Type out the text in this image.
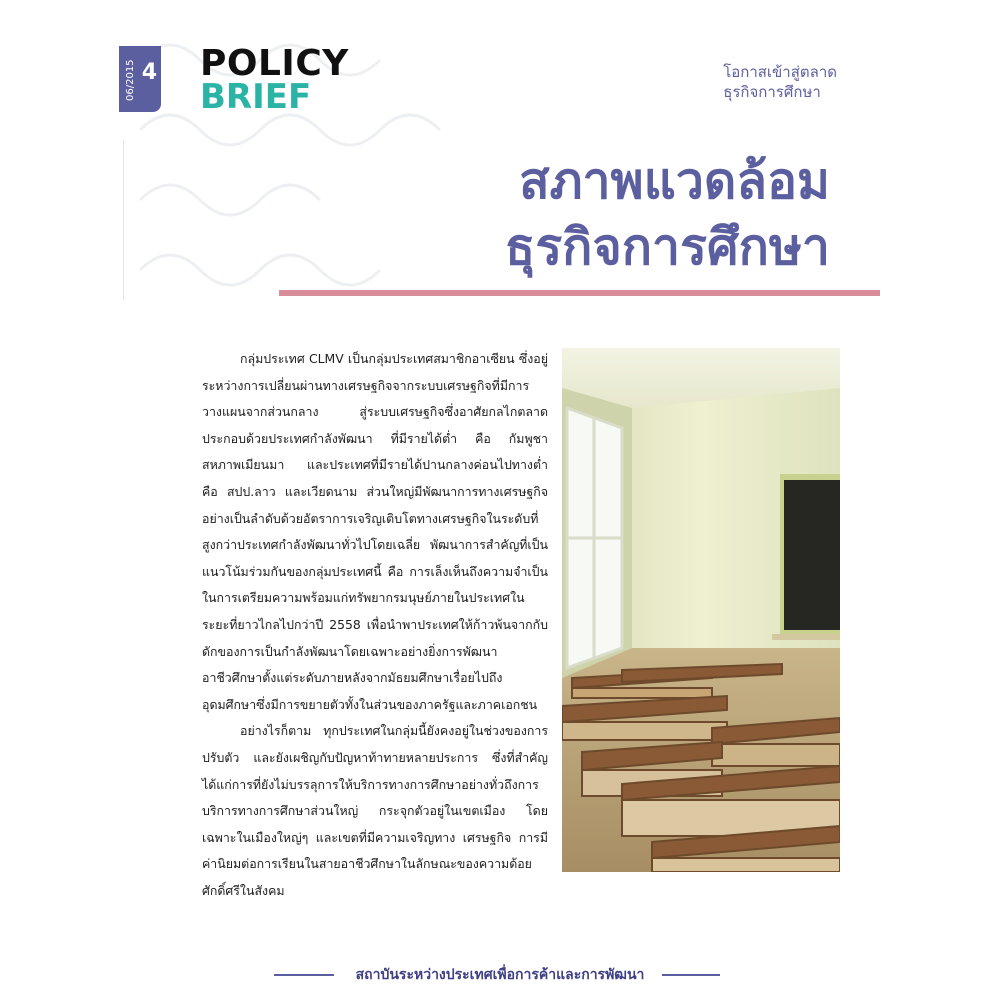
06/2015 4 POLICY
BRIEF
โอกาสเข้าสู่ตลาด
ธุรกิจการศึกษา
สภาพแวดล้อม
ธุรกิจการศึกษา

กลุ่มประเทศ CLMV เป็นกลุ่มประเทศสมาชิกอาเซียน ซึ่งอยู่ระหว่างการเปลี่ยนผ่านทางเศรษฐกิจจากระบบเศรษฐกิจที่มีการวางแผนจากส่วนกลาง สู่ระบบเศรษฐกิจซึ่งอาศัยกลไกตลาดประกอบด้วยประเทศกำลังพัฒนา ที่มีรายได้ต่ำ คือ กัมพูชา สหภาพเมียนมา และประเทศที่มีรายได้ปานกลางค่อนไปทางต่ำ คือ สปป.ลาว และเวียดนาม ส่วนใหญ่มีพัฒนาการทางเศรษฐกิจ อย่างเป็นลำดับด้วยอัตราการเจริญเติบโตทางเศรษฐกิจในระดับที่สูงกว่าประเทศกำลังพัฒนาทั่วไปโดยเฉลี่ย พัฒนาการสำคัญที่เป็นแนวโน้มร่วมกันของกลุ่มประเทศนี้ คือ การเล็งเห็นถึงความจำเป็นในการเตรียมความพร้อมแก่ทรัพยากรมนุษย์ภายในประเทศในระยะที่ยาวไกลไปกว่าปี 2558 เพื่อนำพาประเทศให้ก้าวพ้นจากกับดักของการเป็นกำลังพัฒนาโดยเฉพาะอย่างยิ่งการพัฒนาอาชีวศึกษาตั้งแต่ระดับภายหลังจากมัธยมศึกษาเรื่อยไปถึงอุดมศึกษาซึ่งมีการขยายตัวทั้งในส่วนของภาครัฐและภาคเอกชน

อย่างไรก็ตาม ทุกประเทศในกลุ่มนี้ยังคงอยู่ในช่วงของการปรับตัว และยังเผชิญกับปัญหาท้าทายหลายประการ ซึ่งที่สำคัญได้แก่การที่ยังไม่บรรลุการให้บริการทางการศึกษาอย่างทั่วถึงการบริการทางการศึกษาส่วนใหญ่ กระจุกตัวอยู่ในเขตเมือง โดยเฉพาะในเมืองใหญ่ๆ และเขตที่มีความเจริญทาง เศรษฐกิจ การมีค่านิยมต่อการเรียนในสายอาชีวศึกษาในลักษณะของความด้อยศักดิ์ศรีในสังคม

สถาบันระหว่างประเทศเพื่อการค้าและการพัฒนา
